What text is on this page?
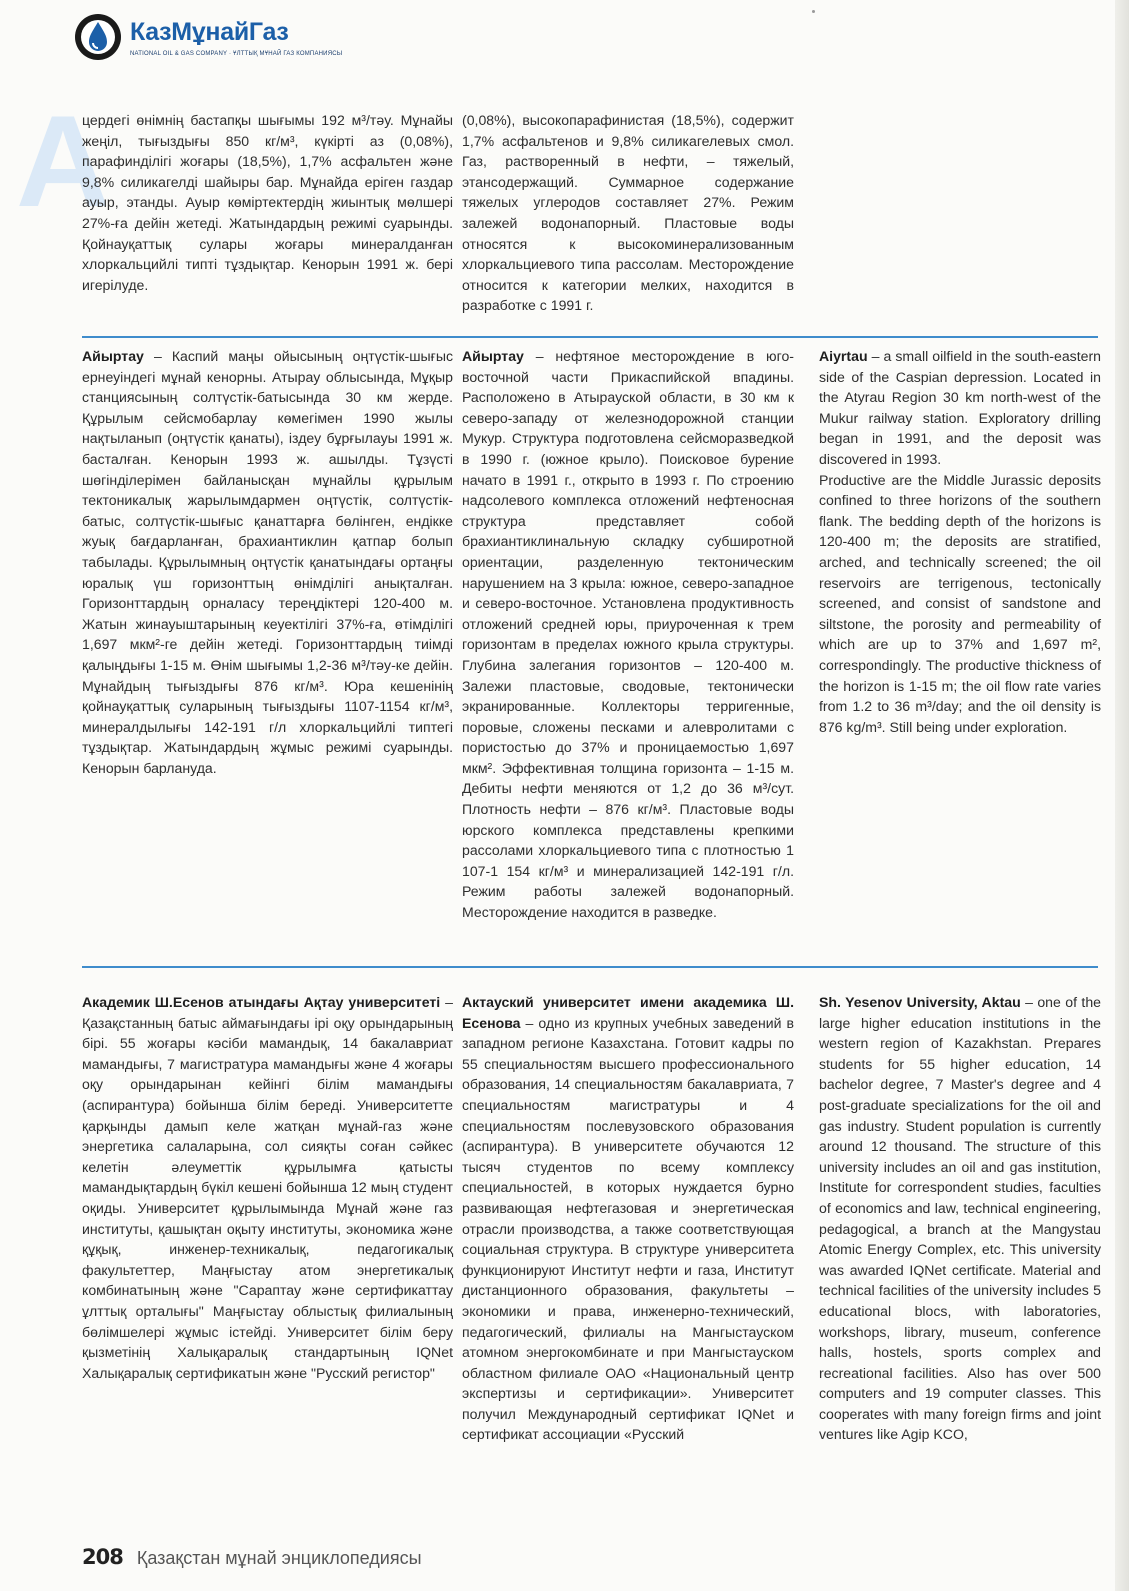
КазМұнайГаз
NATIONAL OIL & GAS COMPANY · ҰЛТТЫҚ МҰНАЙ ГАЗ КОМПАНИЯСЫ
А

цердегі өнімнің бастапқы шығымы 192 м³/тәу. Мұнайы жеңіл, тығыздығы 850 кг/м³, күкірті аз (0,08%), парафинділігі жоғары (18,5%), 1,7% асфальтен және 9,8% силикагелді шайыры бар. Мұнайда еріген газдар ауыр, этанды. Ауыр көміртектердің жиынтық мөлшері 27%-ға дейін жетеді. Жатындардың режимі суарынды. Қойнауқаттық сулары жоғары минералданған хлоркальцийлі типті тұздықтар. Кенорын 1991 ж. бері игерілуде.

(0,08%), высокопарафинистая (18,5%), содержит 1,7% асфальтенов и 9,8% силикагелевых смол. Газ, растворенный в нефти, – тяжелый, этансодержащий. Суммарное содержание тяжелых углеродов составляет 27%. Режим залежей водонапорный. Пластовые воды относятся к высокоминерализованным хлоркальциевого типа рассолам. Месторождение относится к категории мелких, находится в разработке с 1991 г.

Айыртау – Каспий маңы ойысының оңтүстік-шығыс ернеуіндегі мұнай кенорны. Атырау облысында, Мұқыр станциясының солтүстік-батысында 30 км жерде. Құрылым сейсмобарлау көмегімен 1990 жылы нақтыланып (оңтүстік қанаты), іздеу бұрғылауы 1991 ж. басталған. Кенорын 1993 ж. ашылды. Тұзүсті шөгінділерімен байланысқан мұнайлы құрылым тектоникалық жарылымдармен оңтүстік, солтүстік-батыс, солтүстік-шығыс қанаттарға бөлінген, ендікке жуық бағдарланған, брахиантиклин қатпар болып табылады. Құрылымның оңтүстік қанатындағы ортаңғы юралық үш горизонттың өнімділігі анықталған. Горизонттардың орналасу тереңдіктері 120-400 м. Жатын жинауыштарының кеуектілігі 37%-ға, өтімділігі 1,697 мкм²-ге дейін жетеді. Горизонттардың тиімді қалыңдығы 1-15 м. Өнім шығымы 1,2-36 м³/тәу-ке дейін. Мұнайдың тығыздығы 876 кг/м³. Юра кешенінің қойнауқаттық суларының тығыздығы 1107-1154 кг/м³, минералдылығы 142-191 г/л хлоркальцийлі типтегі тұздықтар. Жатындардың жұмыс режимі суарынды. Кенорын барлануда.

Айыртау – нефтяное месторождение в юго-восточной части Прикаспийской впадины. Расположено в Атырауской области, в 30 км к северо-западу от железнодорожной станции Мукур. Структура подготовлена сейсморазведкой в 1990 г. (южное крыло). Поисковое бурение начато в 1991 г., открыто в 1993 г. По строению надсолевого комплекса отложений нефтеносная структура представляет собой брахиантиклинальную складку субширотной ориентации, разделенную тектоническим нарушением на 3 крыла: южное, северо-западное и северо-восточное. Установлена продуктивность отложений средней юры, приуроченная к трем горизонтам в пределах южного крыла структуры. Глубина залегания горизонтов – 120-400 м. Залежи пластовые, сводовые, тектонически экранированные. Коллекторы терригенные, поровые, сложены песками и алевролитами с пористостью до 37% и проницаемостью 1,697 мкм². Эффективная толщина горизонта – 1-15 м. Дебиты нефти меняются от 1,2 до 36 м³/сут. Плотность нефти – 876 кг/м³. Пластовые воды юрского комплекса представлены крепкими рассолами хлоркальциевого типа с плотностью 1 107-1 154 кг/м³ и минерализацией 142-191 г/л. Режим работы залежей водонапорный. Месторождение находится в разведке.

Aiyrtau – a small oilfield in the south-eastern side of the Caspian depression. Located in the Atyrau Region 30 km north-west of the Mukur railway station. Exploratory drilling began in 1991, and the deposit was discovered in 1993.

Productive are the Middle Jurassic deposits confined to three horizons of the southern flank. The bedding depth of the horizons is 120-400 m; the deposits are stratified, arched, and technically screened; the oil reservoirs are terrigenous, tectonically screened, and consist of sandstone and siltstone, the porosity and permeability of which are up to 37% and 1,697 m², correspondingly. The productive thickness of the horizon is 1-15 m; the oil flow rate varies from 1.2 to 36 m³/day; and the oil density is 876 kg/m³. Still being under exploration.

Академик Ш.Есенов атындағы Ақтау университеті – Қазақстанның батыс аймағындағы ірі оқу орындарының бірі. 55 жоғары кәсіби мамандық, 14 бакалавриат мамандығы, 7 магистратура мамандығы және 4 жоғары оқу орындарынан кейінгі білім мамандығы (аспирантура) бойынша білім береді. Университетте қарқынды дамып келе жатқан мұнай-газ және энергетика салаларына, сол сияқты соған сәйкес келетін әлеуметтік құрылымға қатысты мамандықтардың бүкіл кешені бойынша 12 мың студент оқиды. Университет құрылымында Мұнай және газ институты, қашықтан оқыту институты, экономика және құқық, инженер-техникалық, педагогикалық факультеттер, Маңғыстау атом энергетикалық комбинатының және "Сараптау және сертификаттау ұлттық орталығы" Маңғыстау облыстық филиалының бөлімшелері жұмыс істейді. Университет білім беру қызметінің Халықаралық стандартының IQNet Халықаралық сертификатын және "Русский регистор"

Актауский университет имени академика Ш. Есенова – одно из крупных учебных заведений в западном регионе Казахстана. Готовит кадры по 55 специальностям высшего профессионального образования, 14 специальностям бакалавриата, 7 специальностям магистратуры и 4 специальностям послевузовского образования (аспирантура). В университете обучаются 12 тысяч студентов по всему комплексу специальностей, в которых нуждается бурно развивающая нефтегазовая и энергетическая отрасли производства, а также соответствующая социальная структура. В структуре университета функционируют Институт нефти и газа, Институт дистанционного образования, факультеты – экономики и права, инженерно-технический, педагогический, филиалы на Мангыстауском атомном энергокомбинате и при Мангыстауском областном филиале ОАО «Национальный центр экспертизы и сертификации». Университет получил Международный сертификат IQNet и сертификат ассоциации «Русский

Sh. Yesenov University, Aktau – one of the large higher education institutions in the western region of Kazakhstan. Prepares students for 55 higher education, 14 bachelor degree, 7 Master's degree and 4 post-graduate specializations for the oil and gas industry. Student population is currently around 12 thousand. The structure of this university includes an oil and gas institution, Institute for correspondent studies, faculties of economics and law, technical engineering, pedagogical, a branch at the Mangystau Atomic Energy Complex, etc. This university was awarded IQNet certificate. Material and technical facilities of the university includes 5 educational blocs, with laboratories, workshops, library, museum, conference halls, hostels, sports complex and recreational facilities. Also has over 500 computers and 19 computer classes. This cooperates with many foreign firms and joint ventures like Agip KCO,

208 Қазақстан мұнай энциклопедиясы
